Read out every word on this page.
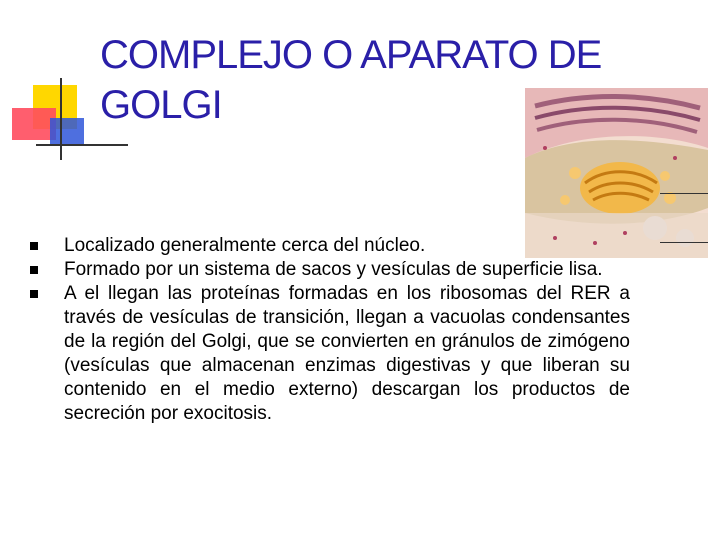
COMPLEJO O APARATO DE GOLGI
Localizado generalmente cerca del núcleo.
Formado por un sistema de sacos y vesículas de superficie lisa.
A el llegan las proteínas formadas en los ribosomas del RER a través de vesículas de transición, llegan a vacuolas condensantes de la región del Golgi, que se convierten en gránulos de zimógeno (vesículas que almacenan enzimas digestivas y que liberan su contenido en el medio externo) descargan los productos de secreción por exocitosis.
